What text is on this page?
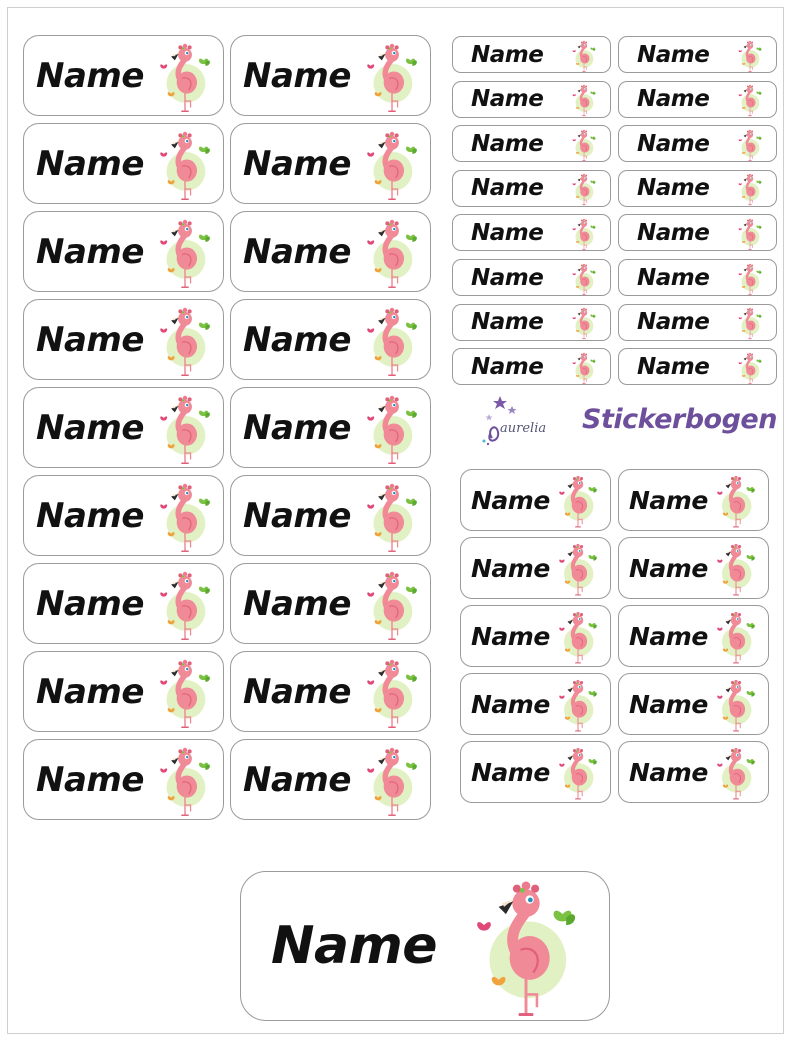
Name	Name
Name	Name
Name	Name
Name	Name
Name	Name
Name	Name
Name	Name
Name	Name
Name	Name
Name	Name
Name	Name
Name	Name
Name	Name
Name	Name
Name	Name
Name	Name
Name	Name
Name	Name
Name	Name
Name	Name
Name	Name
Name	Name
Name
aurelia Stickerbogen
